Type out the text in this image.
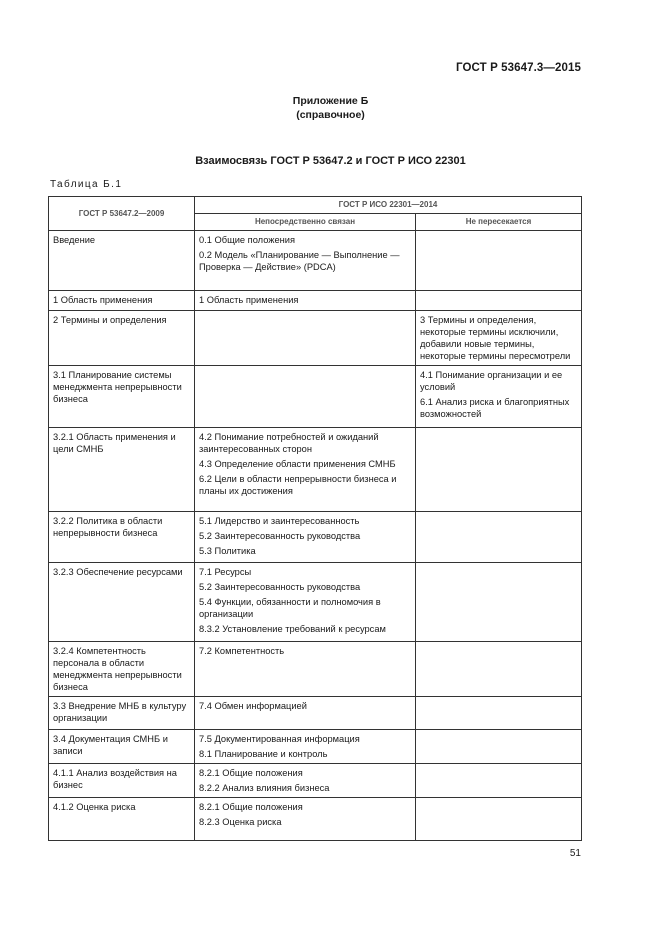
ГОСТ Р 53647.3—2015
Приложение Б
(справочное)
Взаимосвязь ГОСТ Р 53647.2 и ГОСТ Р ИСО 22301
Таблица Б.1
ГОСТ Р 53647.2—2009	ГОСТ Р ИСО 22301—2014	
	Непосредственно связан	Не пересекается

Введение	0.1 Общие положения
0.2 Модель «Планирование — Выполнение — Проверка — Действие» (PDCA)	

1 Область применения	1 Область применения	

2 Термины и определения		3 Термины и определения, некоторые термины исключили, добавили новые термины, некоторые термины пересмотрели

3.1 Планирование системы менеджмента непрерывности бизнеса		4.1 Понимание организации и ее условий
6.1 Анализ риска и благоприятных возможностей

3.2.1 Область применения и цели СМНБ	4.2 Понимание потребностей и ожиданий заинтересованных сторон
4.3 Определение области применения СМНБ
6.2 Цели в области непрерывности бизнеса и планы их достижения	

3.2.2 Политика в области непрерывности бизнеса	5.1 Лидерство и заинтересованность
5.2 Заинтересованность руководства
5.3 Политика	

3.2.3 Обеспечение ресурсами	7.1 Ресурсы
5.2 Заинтересованность руководства
5.4 Функции, обязанности и полномочия в организации
8.3.2 Установление требований к ресурсам	

3.2.4 Компетентность персонала в области менеджмента непрерывности бизнеса	7.2 Компетентность	

3.3 Внедрение МНБ в культуру организации	7.4 Обмен информацией	

3.4 Документация СМНБ и записи	7.5 Документированная информация
8.1 Планирование и контроль	

4.1.1 Анализ воздействия на бизнес	8.2.1 Общие положения
8.2.2 Анализ влияния бизнеса	

4.1.2 Оценка риска	8.2.1 Общие положения
8.2.3 Оценка риска	

51
